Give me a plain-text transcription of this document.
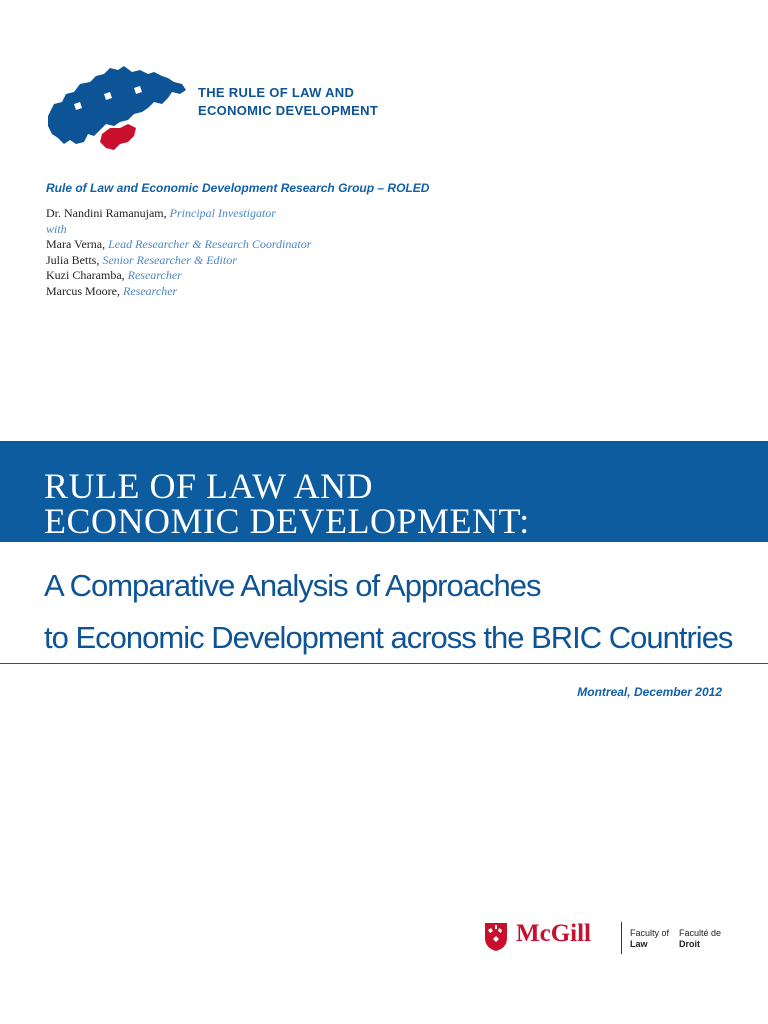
THE RULE OF LAW AND
ECONOMIC DEVELOPMENT
Rule of Law and Economic Development Research Group – ROLED
Dr. Nandini Ramanujam, Principal Investigator
with
Mara Verna, Lead Researcher & Research Coordinator
Julia Betts, Senior Researcher & Editor
Kuzi Charamba, Researcher
Marcus Moore, Researcher
RULE OF LAW AND
ECONOMIC DEVELOPMENT:
A Comparative Analysis of Approaches
to Economic Development across the BRIC Countries
Montreal, December 2012
McGill	Faculty of
Law
Faculté de
Droit
